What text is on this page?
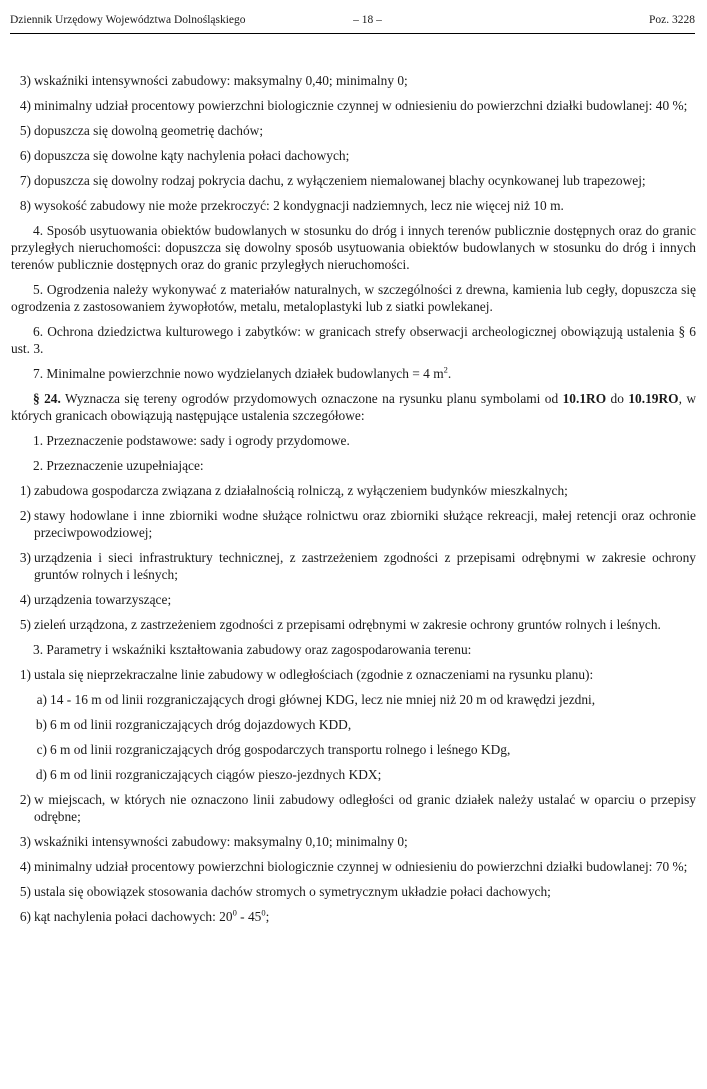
Dziennik Urzędowy Województwa Dolnośląskiego	– 18 –	Poz. 3228
3) wskaźniki intensywności zabudowy: maksymalny 0,40; minimalny 0;
4) minimalny udział procentowy powierzchni biologicznie czynnej w odniesieniu do powierzchni działki budowlanej: 40 %;
5) dopuszcza się dowolną geometrię dachów;
6) dopuszcza się dowolne kąty nachylenia połaci dachowych;
7) dopuszcza się dowolny rodzaj pokrycia dachu, z wyłączeniem niemalowanej blachy ocynkowanej lub trapezowej;
8) wysokość zabudowy nie może przekroczyć: 2 kondygnacji nadziemnych, lecz nie więcej niż 10 m.

4. Sposób usytuowania obiektów budowlanych w stosunku do dróg i innych terenów publicznie dostępnych oraz do granic przyległych nieruchomości: dopuszcza się dowolny sposób usytuowania obiektów budowlanych w stosunku do dróg i innych terenów publicznie dostępnych oraz do granic przyległych nieruchomości.

5. Ogrodzenia należy wykonywać z materiałów naturalnych, w szczególności z drewna, kamienia lub cegły, dopuszcza się ogrodzenia z zastosowaniem żywopłotów, metalu, metaloplastyki lub z siatki powlekanej.

6. Ochrona dziedzictwa kulturowego i zabytków: w granicach strefy obserwacji archeologicznej obowiązują ustalenia § 6 ust. 3.

7. Minimalne powierzchnie nowo wydzielanych działek budowlanych = 4 $m^2$.

§ 24. Wyznacza się tereny ogrodów przydomowych oznaczone na rysunku planu symbolami od 10.1RO do 10.19RO, w których granicach obowiązują następujące ustalenia szczegółowe:

1. Przeznaczenie podstawowe: sady i ogrody przydomowe.

2. Przeznaczenie uzupełniające:

1) zabudowa gospodarcza związana z działalnością rolniczą, z wyłączeniem budynków mieszkalnych;
2) stawy hodowlane i inne zbiorniki wodne służące rolnictwu oraz zbiorniki służące rekreacji, małej retencji oraz ochronie przeciwpowodziowej;
3) urządzenia i sieci infrastruktury technicznej, z zastrzeżeniem zgodności z przepisami odrębnymi w zakresie ochrony gruntów rolnych i leśnych;
4) urządzenia towarzyszące;
5) zieleń urządzona, z zastrzeżeniem zgodności z przepisami odrębnymi w zakresie ochrony gruntów rolnych i leśnych.

3. Parametry i wskaźniki kształtowania zabudowy oraz zagospodarowania terenu:

1) ustala się nieprzekraczalne linie zabudowy w odległościach (zgodnie z oznaczeniami na rysunku planu):
a) 14 - 16 m od linii rozgraniczających drogi głównej KDG, lecz nie mniej niż 20 m od krawędzi jezdni,
b) 6 m od linii rozgraniczających dróg dojazdowych KDD,
c) 6 m od linii rozgraniczających dróg gospodarczych transportu rolnego i leśnego KDg,
d) 6 m od linii rozgraniczających ciągów pieszo-jezdnych KDX;
2) w miejscach, w których nie oznaczono linii zabudowy odległości od granic działek należy ustalać w oparciu o przepisy odrębne;
3) wskaźniki intensywności zabudowy: maksymalny 0,10; minimalny 0;
4) minimalny udział procentowy powierzchni biologicznie czynnej w odniesieniu do powierzchni działki budowlanej: 70 %;
5) ustala się obowiązek stosowania dachów stromych o symetrycznym układzie połaci dachowych;
6) kąt nachylenia połaci dachowych: $20^0 - 45^0$;
